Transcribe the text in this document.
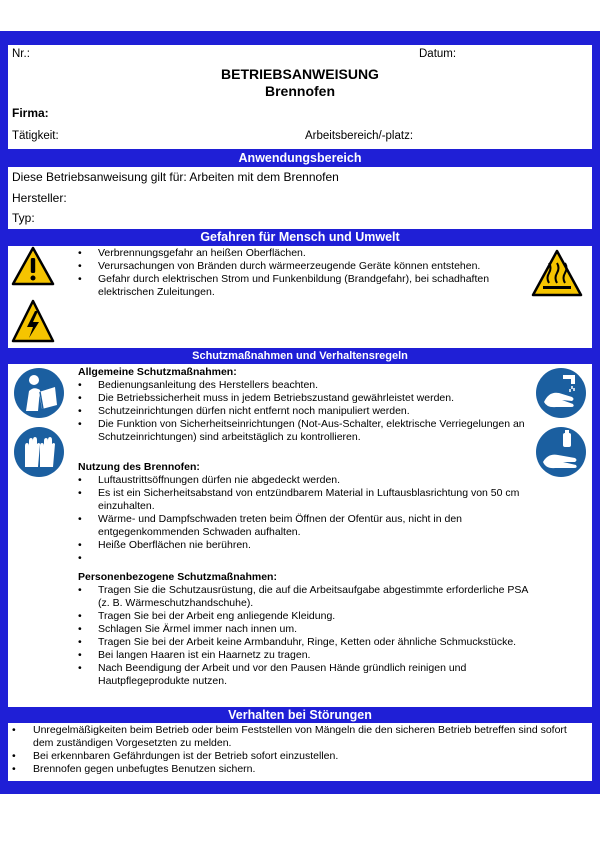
Nr.:	Datum:
BETRIEBSANWEISUNG
Brennofen
Firma:
Tätigkeit:	Arbeitsbereich/-platz:
Anwendungsbereich
Diese Betriebsanweisung gilt für: Arbeiten mit dem Brennofen
Hersteller:
Typ:
Gefahren für Mensch und Umwelt
• Verbrennungsgefahr an heißen Oberflächen.
• Verursachungen von Bränden durch wärmeerzeugende Geräte können entstehen.
• Gefahr durch elektrischen Strom und Funkenbildung (Brandgefahr), bei schadhaften elektrischen Zuleitungen.
Schutzmaßnahmen und Verhaltensregeln
Allgemeine Schutzmaßnahmen:
• Bedienungsanleitung des Herstellers beachten.
• Die Betriebssicherheit muss in jedem Betriebszustand gewährleistet werden.
• Schutzeinrichtungen dürfen nicht entfernt noch manipuliert werden.
• Die Funktion von Sicherheitseinrichtungen (Not-Aus-Schalter, elektrische Verriegelungen an Schutzeinrichtungen) sind arbeitstäglich zu kontrollieren.
Nutzung des Brennofen:
• Luftaustrittsöffnungen dürfen nie abgedeckt werden.
• Es ist ein Sicherheitsabstand von entzündbarem Material in Luftausblasrichtung von 50 cm einzuhalten.
• Wärme- und Dampfschwaden treten beim Öffnen der Ofentür aus, nicht in den entgegenkommenden Schwaden aufhalten.
• Heiße Oberflächen nie berühren.
•
Personenbezogene Schutzmaßnahmen:
• Tragen Sie die Schutzausrüstung, die auf die Arbeitsaufgabe abgestimmte erforderliche PSA (z. B. Wärmeschutzhandschuhe).
• Tragen Sie bei der Arbeit eng anliegende Kleidung.
• Schlagen Sie Ärmel immer nach innen um.
• Tragen Sie bei der Arbeit keine Armbanduhr, Ringe, Ketten oder ähnliche Schmuckstücke.
• Bei langen Haaren ist ein Haarnetz zu tragen.
• Nach Beendigung der Arbeit und vor den Pausen Hände gründlich reinigen und Hautpflegeprodukte nutzen.
Verhalten bei Störungen
• Unregelmäßigkeiten beim Betrieb oder beim Feststellen von Mängeln die den sicheren Betrieb betreffen sind sofort dem zuständigen Vorgesetzten zu melden.
• Bei erkennbaren Gefährdungen ist der Betrieb sofort einzustellen.
• Brennofen gegen unbefugtes Benutzen sichern.
